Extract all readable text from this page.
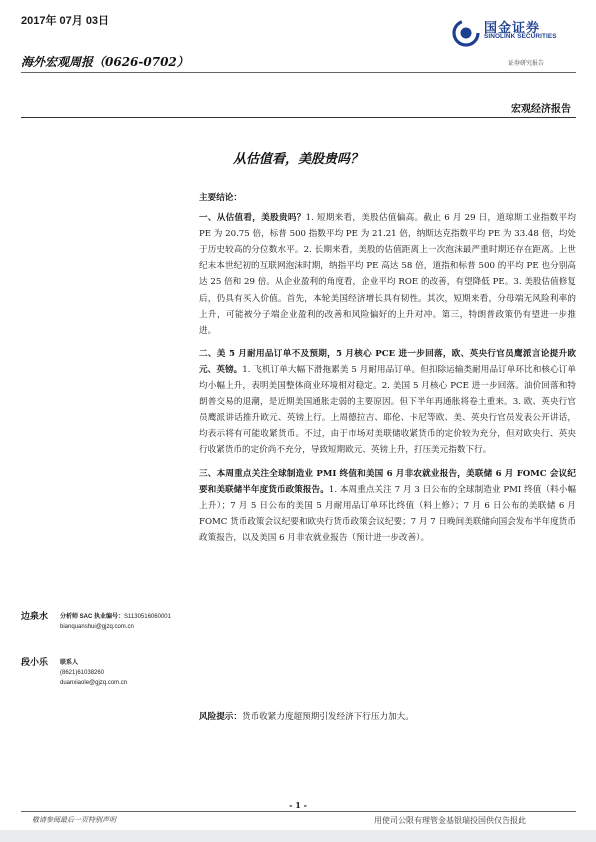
2017年 07月 03日	国金证券
SINOLINK SECURITIES
证券研究报告
海外宏观周报（0626-0702）
宏观经济报告
从估值看，美股贵吗？

主要结论：

一、从估值看，美股贵吗？1. 短期来看，美股估值偏高。截止 6 月 29 日，道琼斯工业指数平均 PE 为 20.75 倍，标普 500 指数平均 PE 为 21.21 倍，纳斯达克指数平均 PE 为 33.48 倍，均处于历史较高的分位数水平。2. 长期来看，美股的估值距离上一次泡沫最严重时期还存在距离。上世纪末本世纪初的互联网泡沫时期，纳指平均 PE 高达 58 倍，道指和标普 500 的平均 PE 也分别高达 25 倍和 29 倍。从企业盈利的角度看，企业平均 ROE 的改善，有望降低 PE。3. 美股估值修复后，仍具有买入价值。首先，本轮美国经济增长具有韧性。其次，短期来看，分母端无风险利率的上升，可能被分子端企业盈利的改善和风险偏好的上升对冲。第三，特朗普政策仍有望进一步推进。

二、美 5 月耐用品订单不及预期，5 月核心 PCE 进一步回落，欧、英央行官员鹰派言论提升欧元、英镑。1. 飞机订单大幅下滑拖累美 5 月耐用品订单。但扣除运输类耐用品订单环比和核心订单均小幅上升，表明美国整体商业环境相对稳定。2. 美国 5 月核心 PCE 进一步回落。油价回落和特朗普交易的退潮，是近期美国通胀走弱的主要原因。但下半年再通胀将卷土重来。3. 欧、英央行官员鹰派讲话推升欧元、英镑上行。上周德拉吉、耶伦、卡尼等欧、美、英央行官员发表公开讲话，均表示将有可能收紧货币。不过，由于市场对美联储收紧货币的定价较为充分，但对欧央行、英央行收紧货币的定价尚不充分，导致短期欧元、英镑上升，打压美元指数下行。

三、本周重点关注全球制造业 PMI 终值和美国 6 月非农就业报告，美联储 6 月 FOMC 会议纪要和美联储半年度货币政策报告。1. 本周重点关注 7 月 3 日公布的全球制造业 PMI 终值（料小幅上升）；7 月 5 日公布的美国 5 月耐用品订单环比终值（料上修）；7 月 6 日公布的美联储 6 月 FOMC 货币政策会议纪要和欧央行货币政策会议纪要；7 月 7 日晚间美联储向国会发布半年度货币政策报告，以及美国 6 月非农就业报告（预计进一步改善）。

边泉水 分析师 SAC 执业编号：S1130516060001
bianquanshui@gjzq.com.cn
段小乐 联系人
(8621)61038260
duanxiaole@gjzq.com.cn
风险提示：货币收紧力度超预期引发经济下行压力加大。
- 1 -
敬请参阅最后一页特别声明	用使司公限有理管金基银瑞投国供仅告报此
